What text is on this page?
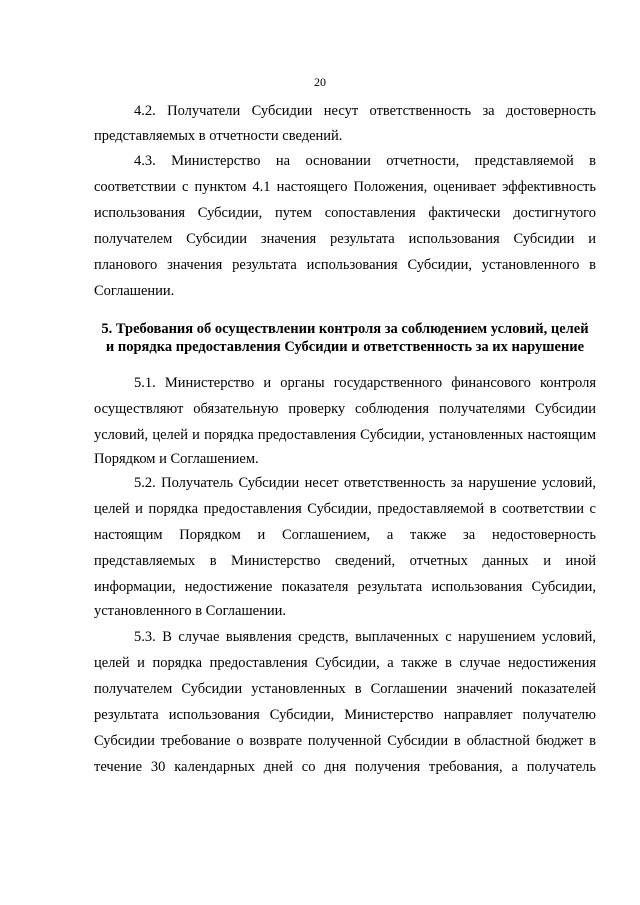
20
4.2. Получатели Субсидии несут ответственность за достоверность
представляемых в отчетности сведений.
4.3. Министерство на основании отчетности, представляемой в
соответствии с пунктом 4.1 настоящего Положения, оценивает эффективность
использования Субсидии, путем сопоставления фактически достигнутого
получателем Субсидии значения результата использования Субсидии и
планового значения результата использования Субсидии, установленного в
Соглашении.
5. Требования об осуществлении контроля за соблюдением условий, целей
и порядка предоставления Субсидии и ответственность за их нарушение
5.1. Министерство и органы государственного финансового контроля
осуществляют обязательную проверку соблюдения получателями Субсидии
условий, целей и порядка предоставления Субсидии, установленных настоящим
Порядком и Соглашением.
5.2. Получатель Субсидии несет ответственность за нарушение условий,
целей и порядка предоставления Субсидии, предоставляемой в соответствии с
настоящим Порядком и Соглашением, а также за недостоверность
представляемых в Министерство сведений, отчетных данных и иной
информации, недостижение показателя результата использования Субсидии,
установленного в Соглашении.
5.3. В случае выявления средств, выплаченных с нарушением условий,
целей и порядка предоставления Субсидии, а также в случае недостижения
получателем Субсидии установленных в Соглашении значений показателей
результата использования Субсидии, Министерство направляет получателю
Субсидии требование о возврате полученной Субсидии в областной бюджет в
течение 30 календарных дней со дня получения требования, а получатель
